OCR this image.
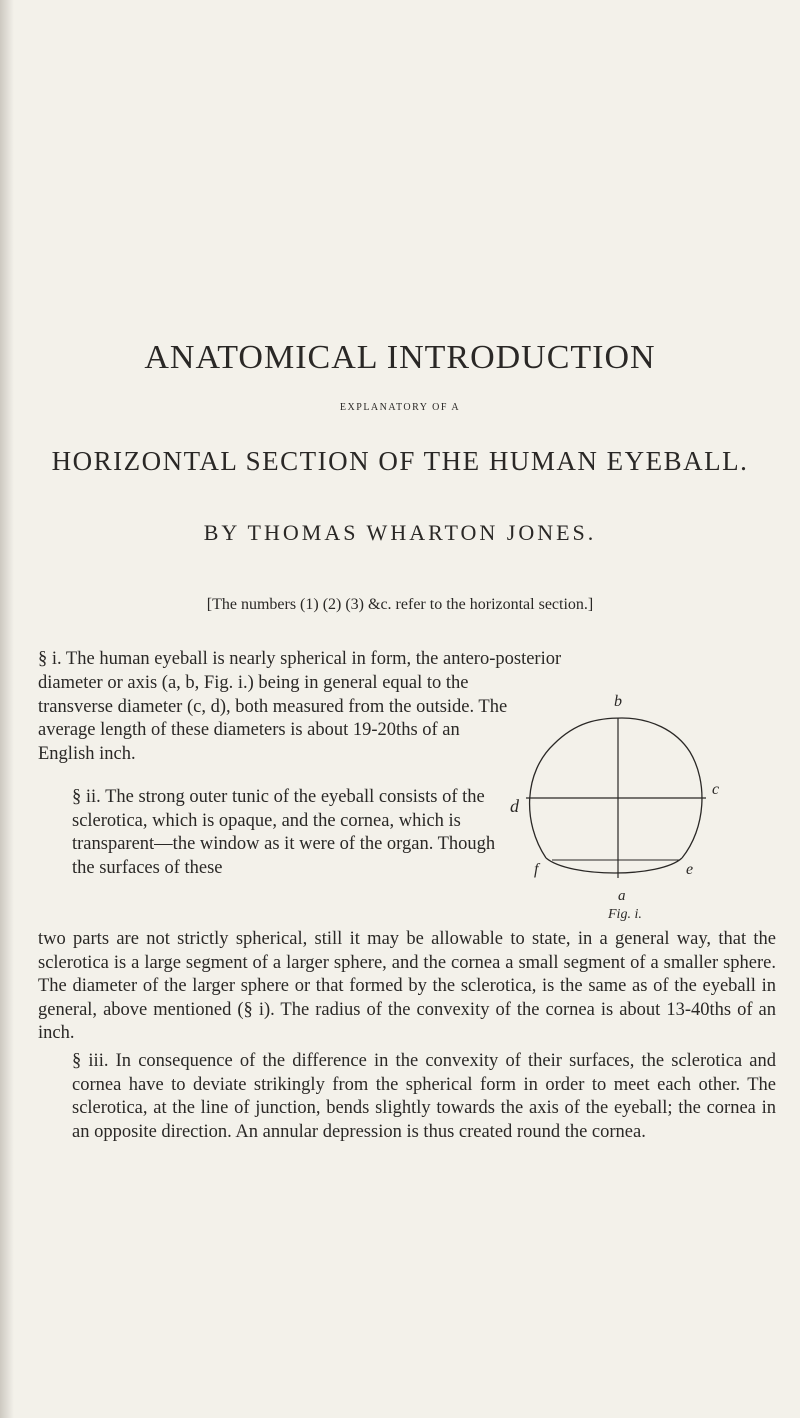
ANATOMICAL INTRODUCTION
EXPLANATORY OF A
HORIZONTAL SECTION OF THE HUMAN EYEBALL.
BY THOMAS WHARTON JONES.
[The numbers (1) (2) (3) &c. refer to the horizontal section.]

§ i. The human eyeball is nearly spherical in form, the antero-posterior

diameter or axis (a, b, Fig. i.) being in general equal to the transverse diameter (c, d), both measured from the outside. The average length of these diameters is about 19-20ths of an English inch.

§ ii. The strong outer tunic of the eyeball consists of the sclerotica, which is opaque, and the cornea, which is transparent—the window as it were of the organ. Though the surfaces of these

b
c
d
e
f
a
Fig. i.

two parts are not strictly spherical, still it may be allowable to state, in a general way, that the sclerotica is a large segment of a larger sphere, and the cornea a small segment of a smaller sphere. The diameter of the larger sphere or that formed by the sclerotica, is the same as of the eyeball in general, above mentioned (§ i). The radius of the convexity of the cornea is about 13-40ths of an inch.

§ iii. In consequence of the difference in the convexity of their surfaces, the sclerotica and cornea have to deviate strikingly from the spherical form in order to meet each other. The sclerotica, at the line of junction, bends slightly towards the axis of the eyeball; the cornea in an opposite direction. An annular depression is thus created round the cornea.
